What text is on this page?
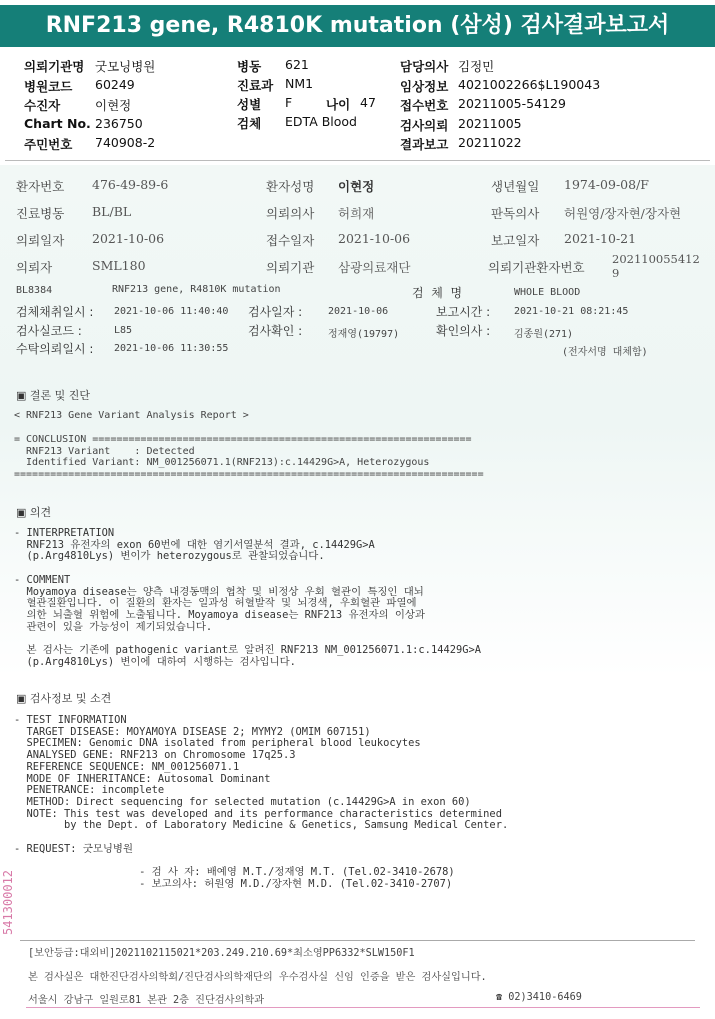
RNF213 gene, R4810K mutation (삼성) 검사결과보고서
의뢰기관명 굿모닝병원
병원코드 60249
수진자	이현정
Chart No. 236750
주민번호 740908-2
병동 621
진료과 NM1
성별 F
검체 EDTA Blood
담당의사 김정민
임상정보 4021002266$L190043
접수번호 20211005-54129
검사의뢰 20211005
결과보고 20211022
나이 47
환자번호 476-49-89-6	환자성명 이현정	생년월일 1974-09-08/F
진료병동 BL/BL	의뢰의사 허희재	판독의사 허원영/장자현/장자현
의뢰일자 2021-10-06	접수일자 2021-10-06	보고일자 2021-10-21
의뢰자	SML180	의뢰기관 삼광의료재단	의뢰기관환자번호
202110055412
9
BL8384	RNF213 gene, R4810K mutation	검  체  명	WHOLE BLOOD
검체채취일시 : 2021-10-06 11:40:40 검사일자 :	2021-10-06	보고시간 : 2021-10-21 08:21:45
검사실코드 :	L85	검사확인 :	정재영(19797)	확인의사 : 김종원(271)
수탁의뢰일시 : 2021-10-06 11:30:55	(전자서명 대체함)
▣ 결론 및 진단
< RNF213 Gene Variant Analysis Report >
= CONCLUSION ===============================================================
RNF213 Variant    : Detected
Identified Variant: NM_001256071.1(RNF213):c.14429G>A, Heterozygous
==============================================================================
▣ 의견
- INTERPRETATION
RNF213 유전자의 exon 60번에 대한 염기서열분석 결과, c.14429G>A
(p.Arg4810Lys) 변이가 heterozygous로 관찰되었습니다.

- COMMENT
Moyamoya disease는 양측 내경동맥의 협착 및 비정상 우회 혈관이 특징인 대뇌
혈관질환입니다. 이 질환의 환자는 일과성 허혈발작 및 뇌경색, 우회혈관 파열에
의한 뇌출혈 위험에 노출됩니다. Moyamoya disease는 RNF213 유전자의 이상과
관련이 있을 가능성이 제기되었습니다.

본 검사는 기존에 pathogenic variant로 알려진 RNF213 NM_001256071.1:c.14429G>A
(p.Arg4810Lys) 변이에 대하여 시행하는 검사입니다.
▣ 검사정보 및 소견
- TEST INFORMATION
TARGET DISEASE: MOYAMOYA DISEASE 2; MYMY2 (OMIM 607151)
SPECIMEN: Genomic DNA isolated from peripheral blood leukocytes
ANALYSED GENE: RNF213 on Chromosome 17q25.3
REFERENCE SEQUENCE: NM_001256071.1
MODE OF INHERITANCE: Autosomal Dominant
PENETRANCE: incomplete
METHOD: Direct sequencing for selected mutation (c.14429G>A in exon 60)
NOTE: This test was developed and its performance characteristics determined
by the Dept. of Laboratory Medicine & Genetics, Samsung Medical Center.

- REQUEST: 굿모닝병원

- 검 사 자: 배예영 M.T./정재영 M.T. (Tel.02-3410-2678)
- 보고의사: 허원영 M.D./장자현 M.D. (Tel.02-3410-2707)
541300012
[보안등급:대외비]2021102115021*203.249.210.69*최소영PP6332*SLW150F1
본 검사실은 대한진단검사의학회/진단검사의학재단의 우수검사실 신임 인증을 받은 검사실입니다.
서울시 강남구 일원로81 본관 2층 진단검사의학과	☎ 02)3410-6469
